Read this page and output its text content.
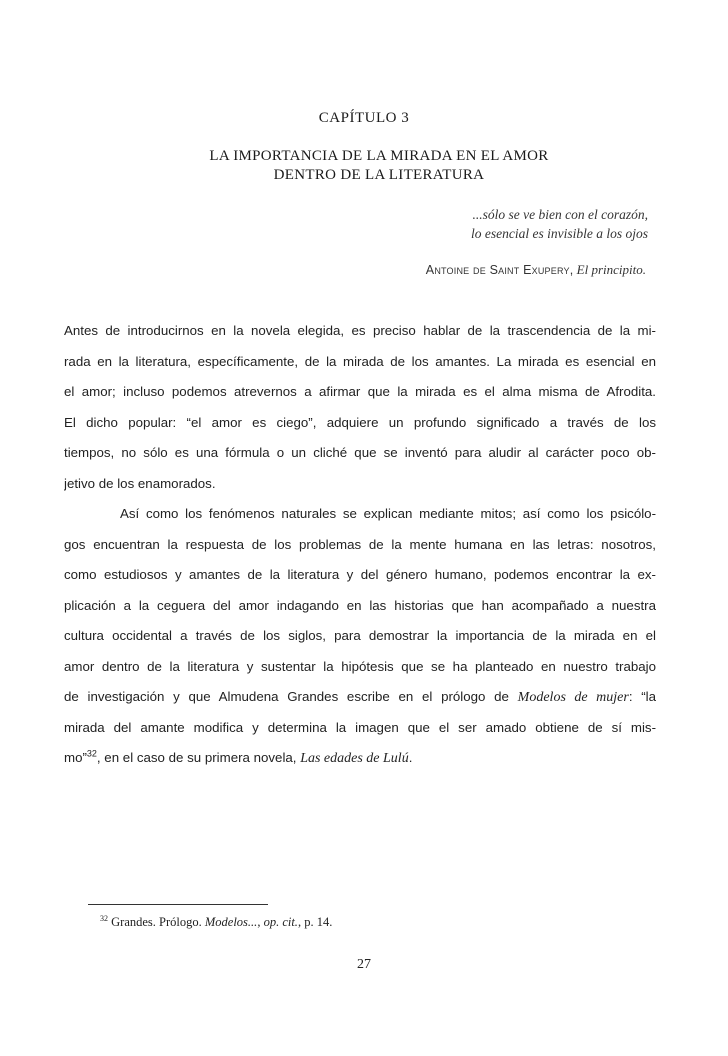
CAPÍTULO 3
LA IMPORTANCIA DE LA MIRADA EN EL AMOR
DENTRO DE LA LITERATURA
...sólo se ve bien con el corazón,
lo esencial es invisible a los ojos
Antoine de Saint Exupery, El principito.
Antes de introducirnos en la novela elegida, es preciso hablar de la trascendencia de la mi-
rada en la literatura, específicamente, de la mirada de los amantes. La mirada es esencial en
el amor; incluso podemos atrevernos a afirmar que la mirada es el alma misma de Afrodita.
El dicho popular: “el amor es ciego”, adquiere un profundo significado a través de los
tiempos, no sólo es una fórmula o un cliché que se inventó para aludir al carácter poco ob-
jetivo de los enamorados.
Así como los fenómenos naturales se explican mediante mitos; así como los psicólo-
gos encuentran la respuesta de los problemas de la mente humana en las letras: nosotros,
como estudiosos y amantes de la literatura y del género humano, podemos encontrar la ex-
plicación a la ceguera del amor indagando en las historias que han acompañado a nuestra
cultura occidental a través de los siglos, para demostrar la importancia de la mirada en el
amor dentro de la literatura y sustentar la hipótesis que se ha planteado en nuestro trabajo
de investigación y que Almudena Grandes escribe en el prólogo de Modelos de mujer: “la
mirada del amante modifica y determina la imagen que el ser amado obtiene de sí mis-
mo”$^{32}$, en el caso de su primera novela, Las edades de Lulú.
$^{32}$ Grandes. Prólogo. Modelos..., op. cit., p. 14.
27
